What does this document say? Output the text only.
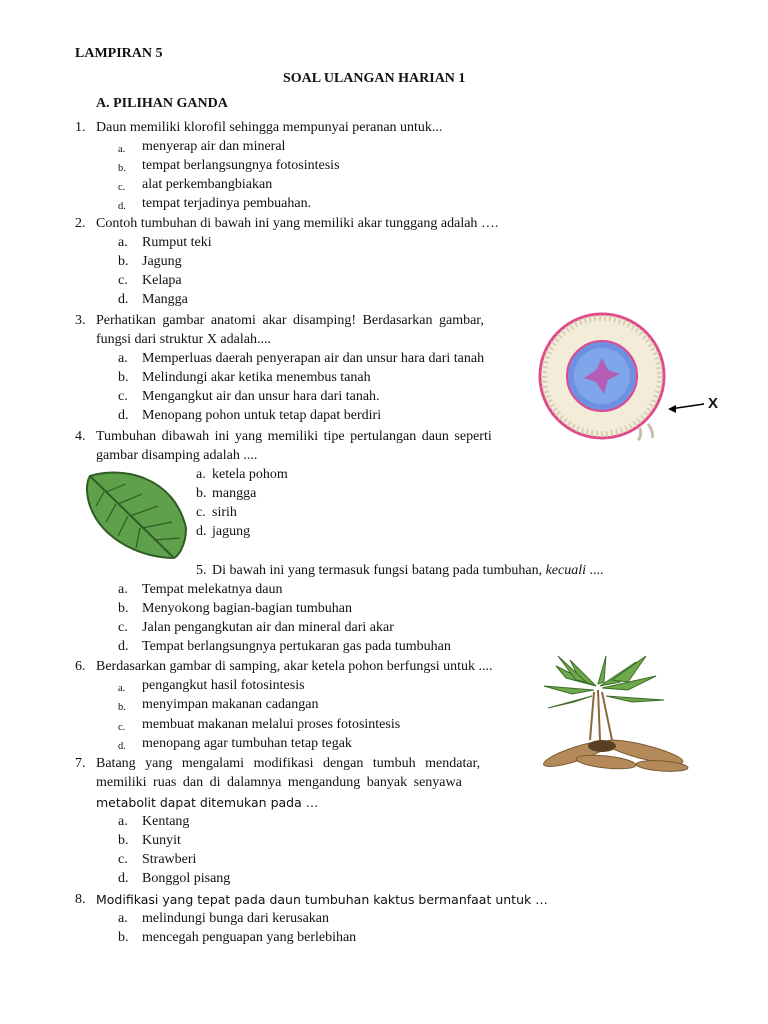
LAMPIRAN 5
SOAL ULANGAN HARIAN 1
A. PILIHAN GANDA
1. Daun memiliki klorofil sehingga mempunyai peranan untuk...
a. menyerap air dan mineral
b. tempat berlangsungnya fotosintesis
c. alat perkembangbiakan
d. tempat terjadinya pembuahan.
2. Contoh tumbuhan di bawah ini yang memiliki akar tunggang adalah ….
a. Rumput teki
b. Jagung
c. Kelapa
d. Mangga
3. Perhatikan gambar anatomi akar disamping! Berdasarkan gambar,
fungsi dari struktur X adalah....
a. Memperluas daerah penyerapan air dan unsur hara dari tanah
b. Melindungi akar ketika menembus tanah
c. Mengangkut air dan unsur hara dari tanah.
d. Menopang pohon untuk tetap dapat berdiri
X
4. Tumbuhan dibawah ini yang memiliki tipe pertulangan daun seperti
gambar disamping adalah ....
a. ketela pohom
b. mangga
c. sirih
d. jagung
5. Di bawah ini yang termasuk fungsi batang pada tumbuhan, kecuali ....
a. Tempat melekatnya daun
b. Menyokong bagian-bagian tumbuhan
c. Jalan pengangkutan air dan mineral dari akar
d. Tempat berlangsungnya pertukaran gas pada tumbuhan
6. Berdasarkan gambar di samping, akar ketela pohon berfungsi untuk ....
a. pengangkut hasil fotosintesis
b. menyimpan makanan cadangan
c. membuat makanan melalui proses fotosintesis
d. menopang agar tumbuhan tetap tegak
7. Batang yang mengalami modifikasi dengan tumbuh mendatar,
memiliki ruas dan di dalamnya mengandung banyak senyawa
metabolit dapat ditemukan pada …
a. Kentang
b. Kunyit
c. Strawberi
d. Bonggol pisang
8. Modifikasi yang tepat pada daun tumbuhan kaktus bermanfaat untuk …
a. melindungi bunga dari kerusakan
b. mencegah penguapan yang berlebihan
